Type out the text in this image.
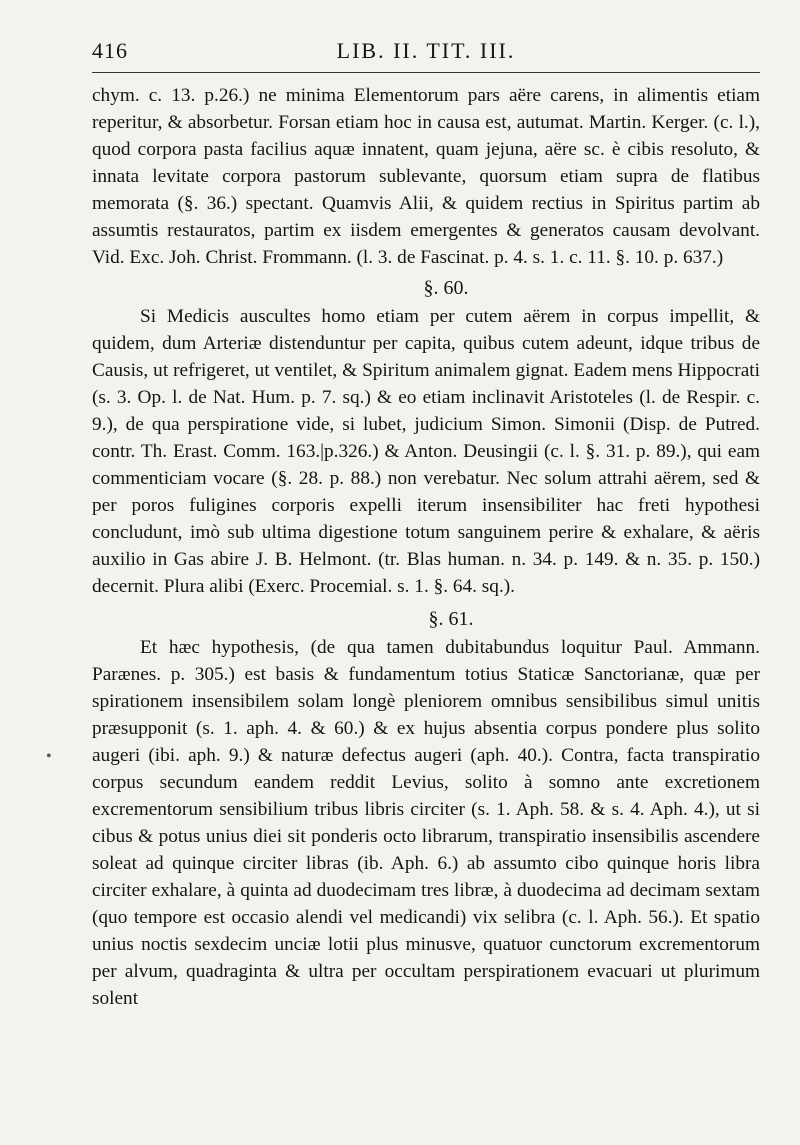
416	LIB. II. TIT. III.
chym. c. 13. p.26.) ne minima Elementorum pars aëre carens, in alimentis etiam reperitur, & absorbetur. Forsan etiam hoc in causa est, autumat. Martin. Kerger. (c. l.), quod corpora pasta facilius aquæ innatent, quam jejuna, aëre sc. è cibis resoluto, & innata levitate corpora pastorum sublevante, quorsum etiam supra de flatibus memorata (§. 36.) spectant. Quamvis Alii, & quidem rectius in Spiritus partim ab assumtis restauratos, partim ex iisdem emergentes & generatos causam devolvant. Vid. Exc. Joh. Christ. Frommann. (l. 3. de Fascinat. p. 4. s. 1. c. 11. §. 10. p. 637.)
§. 60.
Si Medicis auscultes homo etiam per cutem aërem in corpus impellit, & quidem, dum Arteriæ distenduntur per capita, quibus cutem adeunt, idque tribus de Causis, ut refrigeret, ut ventilet, & Spiritum animalem gignat. Eadem mens Hippocrati (s. 3. Op. l. de Nat. Hum. p. 7. sq.) & eo etiam inclinavit Aristoteles (l. de Respir. c. 9.), de qua perspiratione vide, si lubet, judicium Simon. Simonii (Disp. de Putred. contr. Th. Erast. Comm. 163.|p.326.) & Anton. Deusingii (c. l. §. 31. p. 89.), qui eam commenticiam vocare (§. 28. p. 88.) non verebatur. Nec solum attrahi aërem, sed & per poros fuligines corporis expelli iterum insensibiliter hac freti hypothesi concludunt, imò sub ultima digestione totum sanguinem perire & exhalare, & aëris auxilio in Gas abire J. B. Helmont. (tr. Blas human. n. 34. p. 149. & n. 35. p. 150.) decernit. Plura alibi (Exerc. Procemial. s. 1. §. 64. sq.).
§. 61.
Et hæc hypothesis, (de qua tamen dubitabundus loquitur Paul. Ammann. Parænes. p. 305.) est basis & fundamentum totius Staticæ Sanctorianæ, quæ per spirationem insensibilem solam longè pleniorem omnibus sensibilibus simul unitis præsupponit (s. 1. aph. 4. & 60.) & ex hujus absentia corpus pondere plus solito augeri (ibi. aph. 9.) & naturæ defectus augeri (aph. 40.). Contra, facta transpiratio corpus secundum eandem reddit Levius, solito à somno ante excretionem excrementorum sensibilium tribus libris circiter (s. 1. Aph. 58. & s. 4. Aph. 4.), ut si cibus & potus unius diei sit ponderis octo librarum, transpiratio insensibilis ascendere soleat ad quinque circiter libras (ib. Aph. 6.) ab assumto cibo quinque horis libra circiter exhalare, à quinta ad duodecimam tres libræ, à duodecima ad decimam sextam (quo tempore est occasio alendi vel medicandi) vix selibra (c. l. Aph. 56.). Et spatio unius noctis sexdecim unciæ lotii plus minusve, quatuor cunctorum excrementorum per alvum, quadraginta & ultra per occultam perspirationem evacuari ut plurimum solent
•
